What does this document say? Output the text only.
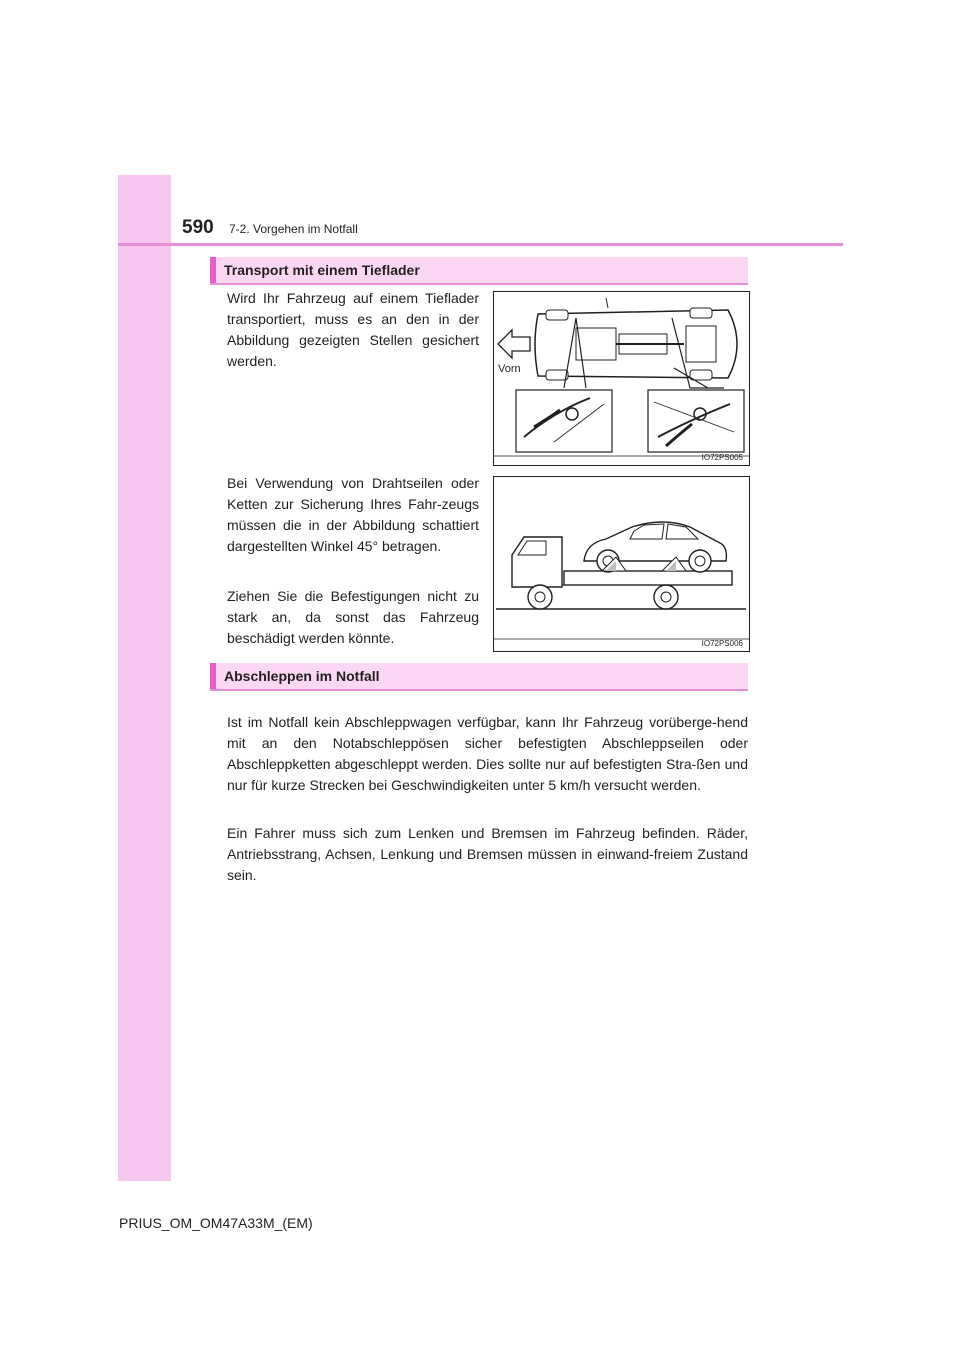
590 7-2. Vorgehen im Notfall
Transport mit einem Tieflader

Wird Ihr Fahrzeug auf einem Tieflader transportiert, muss es an den in der Abbildung gezeigten Stellen gesichert werden.

Bei Verwendung von Drahtseilen oder Ketten zur Sicherung Ihres Fahr-zeugs müssen die in der Abbildung schattiert dargestellten Winkel 45° betragen.

Ziehen Sie die Befestigungen nicht zu stark an, da sonst das Fahrzeug beschädigt werden könnte.

Vorn
IO72PS005
IO72PS006
Abschleppen im Notfall

Ist im Notfall kein Abschleppwagen verfügbar, kann Ihr Fahrzeug vorüberge-hend mit an den Notabschleppösen sicher befestigten Abschleppseilen oder Abschleppketten abgeschleppt werden. Dies sollte nur auf befestigten Stra-ßen und nur für kurze Strecken bei Geschwindigkeiten unter 5 km/h versucht werden.

Ein Fahrer muss sich zum Lenken und Bremsen im Fahrzeug befinden. Räder, Antriebsstrang, Achsen, Lenkung und Bremsen müssen in einwand-freiem Zustand sein.

PRIUS_OM_OM47A33M_(EM)
